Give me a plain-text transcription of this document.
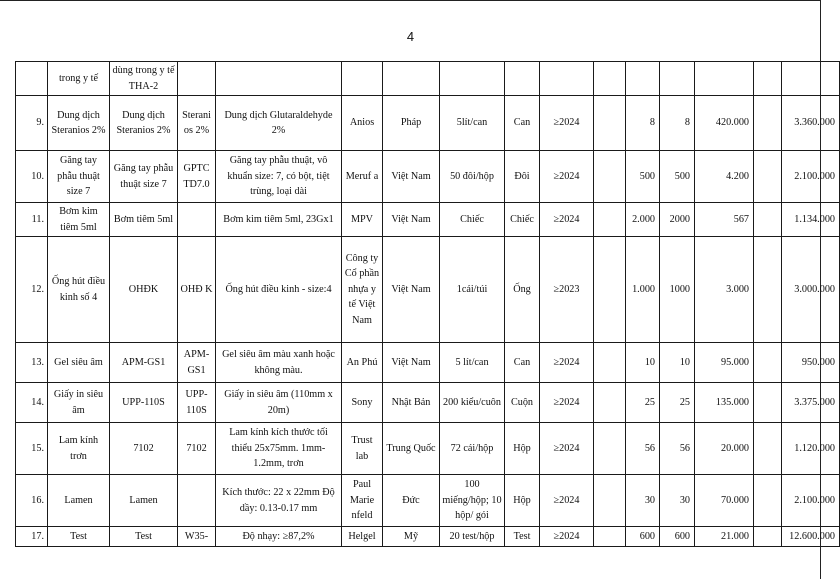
4
	trong y tế	dùng trong y tế THA-2													
9.	Dung dịch Steranios 2%	Dung dịch Steranios 2%	Steranios 2%	Dung dịch Glutaraldehyde 2%	Anios	Pháp	5lít/can	Can	≥2024		8	8	420.000		3.360.000
10.	Găng tay phẫu thuật size 7	Găng tay phẫu thuật size 7	GPTC TD7.0	Găng tay phẫu thuật, vô khuẩn size: 7, có bột, tiệt trùng, loại dài	Meruf a	Việt Nam	50 đôi/hộp	Đôi	≥2024		500	500	4.200		2.100.000
11.	Bơm kim tiêm 5ml	Bơm tiêm 5ml		Bơm kim tiêm 5ml, 23Gx1	MPV	Việt Nam	Chiếc	Chiếc	≥2024		2.000	2000	567		1.134.000
12.	Ống hút điều kinh số 4	OHĐK	OHĐ K	Ống hút điều kinh - size:4	Công ty Cổ phần nhựa y tế Việt Nam	Việt Nam	1cái/túi	Ống	≥2023		1.000	1000	3.000		3.000.000
13.	Gel siêu âm	APM-GS1	APM-GS1	Gel siêu âm màu xanh hoặc không màu.	An Phú	Việt Nam	5 lít/can	Can	≥2024		10	10	95.000		950.000
14.	Giấy in siêu âm	UPP-110S	UPP-110S	Giấy in siêu âm (110mm x 20m)	Sony	Nhật Bản	200 kiểu/cuôn	Cuộn	≥2024		25	25	135.000		3.375.000
15.	Lam kính trơn	7102	7102	Lam kính kích thước tối thiểu 25x75mm. 1mm-1.2mm, trơn	Trust lab	Trung Quốc	72 cái/hộp	Hộp	≥2024		56	56	20.000		1.120.000
16.	Lamen	Lamen		Kích thước: 22 x 22mm Độ dầy: 0.13-0.17 mm	Paul Marie nfeld	Đức	100 miếng/hộp; 10 hộp/ gói	Hộp	≥2024		30	30	70.000		2.100.000
17.	Test	Test	W35-	Độ nhạy: ≥87,2%	Helgel	Mỹ	20 test/hộp	Test	≥2024		600	600	21.000		12.600.000
